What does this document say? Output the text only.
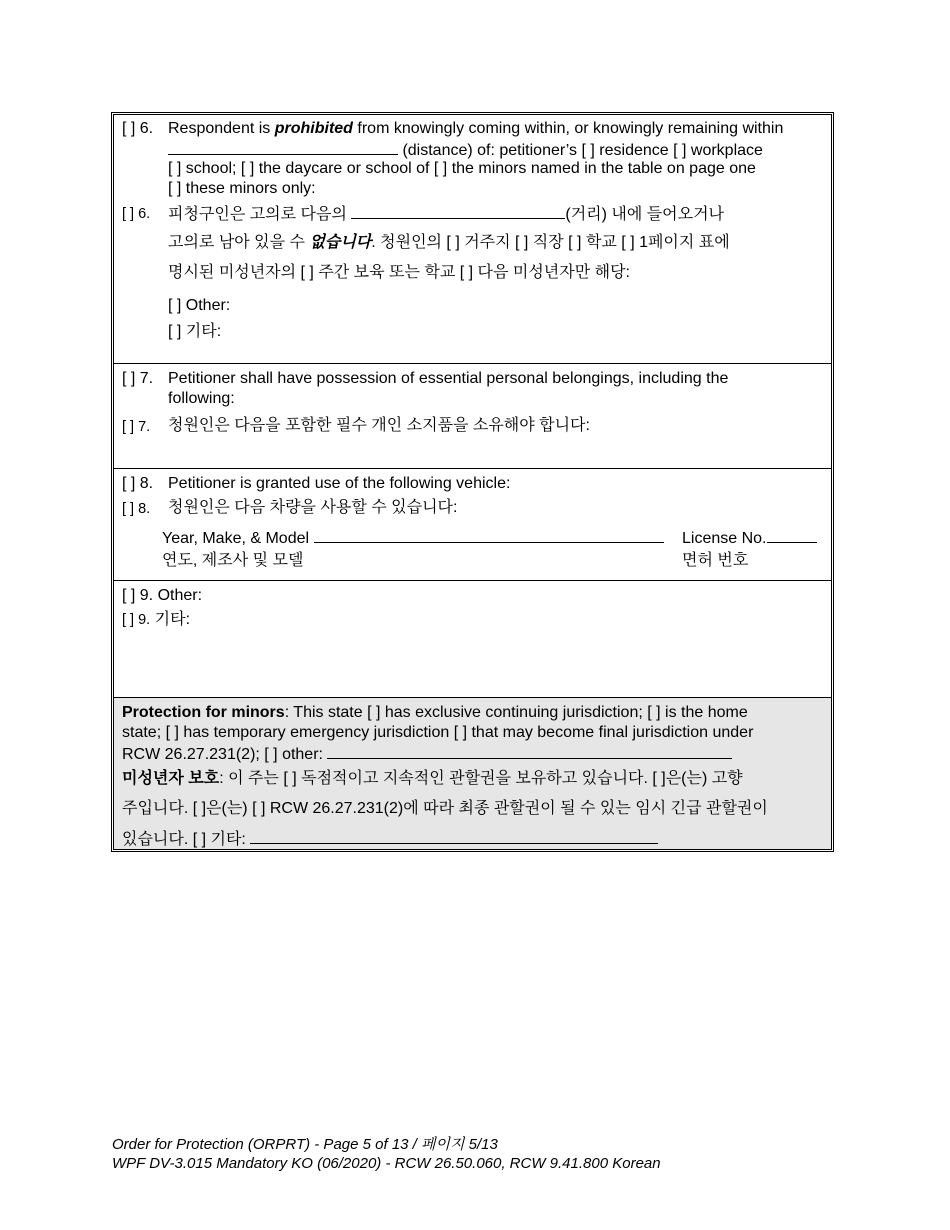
[ ] 6. Respondent is prohibited from knowingly coming within, or knowingly remaining within
(distance) of: petitioner’s [ ] residence [ ] workplace
[ ] school; [ ] the daycare or school of [ ] the minors named in the table on page one
[ ] these minors only:
[ ] 6. 피청구인은 고의로 다음의	(거리) 내에 들어오거나
고의로 남아 있을 수 없습니다. 청원인의 [ ] 거주지 [ ] 직장 [ ] 학교 [ ] 1페이지 표에
명시된 미성년자의 [ ] 주간 보육 또는 학교 [ ] 다음 미성년자만 해당:
[ ] Other:
[ ] 기타:
[ ] 7. Petitioner shall have possession of essential personal belongings, including the
following:
[ ] 7. 청원인은 다음을 포함한 필수 개인 소지품을 소유해야 합니다:
[ ] 8. Petitioner is granted use of the following vehicle:
[ ] 8. 청원인은 다음 차량을 사용할 수 있습니다:
Year, Make, & Model
연도, 제조사 및 모델
License No.
면허 번호
[ ] 9. Other:
[ ] 9. 기타:
Protection for minors: This state [ ] has exclusive continuing jurisdiction; [ ] is the home
state; [ ] has temporary emergency jurisdiction [ ] that may become final jurisdiction under
RCW 26.27.231(2); [ ] other:
미성년자 보호: 이 주는 [ ] 독점적이고 지속적인 관할권을 보유하고 있습니다. [ ]은(는) 고향
주입니다. [ ]은(는) [ ] RCW 26.27.231(2)에 따라 최종 관할권이 될 수 있는 임시 긴급 관할권이
있습니다. [ ] 기타:
Order for Protection (ORPRT) - Page 5 of 13 / 페이지 5/13
WPF DV-3.015 Mandatory KO (06/2020) - RCW 26.50.060, RCW 9.41.800 Korean
